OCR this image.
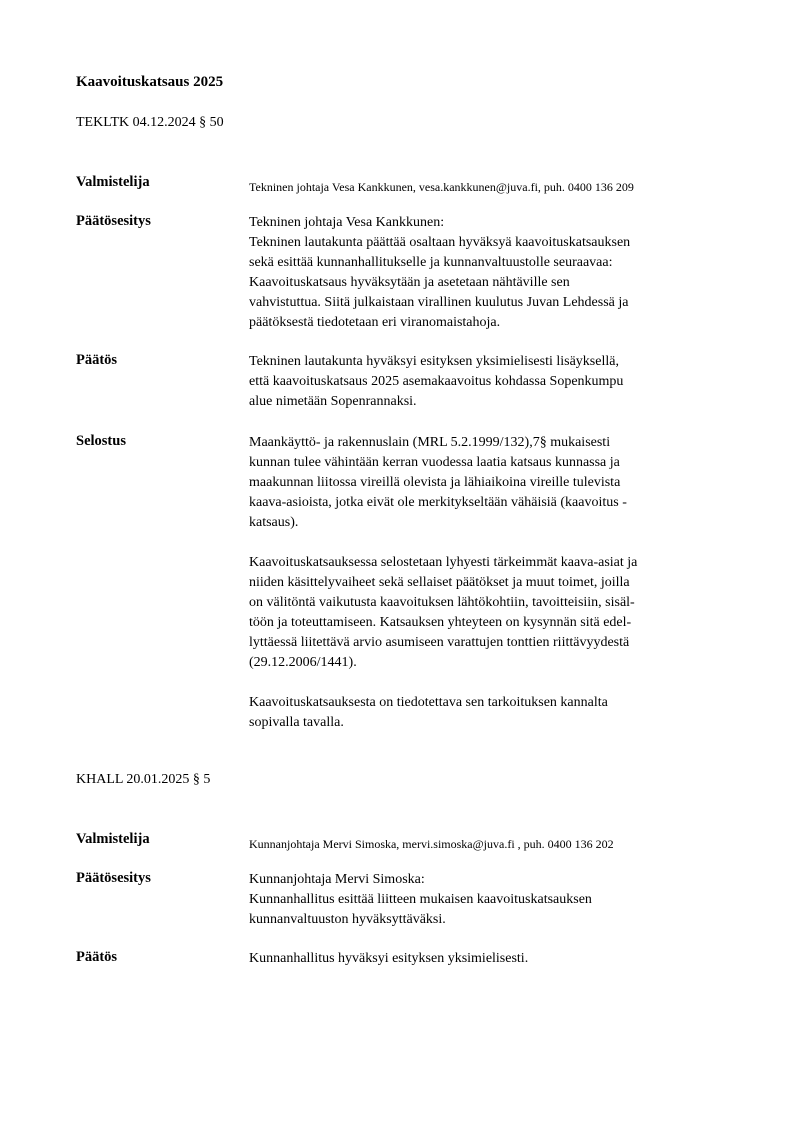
Kaavoituskatsaus 2025

TEKLTK 04.12.2024 § 50

Valmistelija	Tekninen johtaja Vesa Kankkunen, vesa.kankkunen@juva.fi, puh. 0400 136 209
Päätösesitys	Tekninen johtaja Vesa Kankkunen:
Tekninen lautakunta päättää osaltaan hyväksyä kaavoituskatsauksen
sekä esittää kunnanhallitukselle ja kunnanvaltuustolle seuraavaa:
Kaavoituskatsaus hyväksytään ja asetetaan nähtäville sen
vahvistuttua. Siitä julkaistaan virallinen kuulutus Juvan Lehdessä ja
päätöksestä tiedotetaan eri viranomaistahoja.
Päätös	Tekninen lautakunta hyväksyi esityksen yksimielisesti lisäyksellä,
että kaavoituskatsaus 2025 asemakaavoitus kohdassa Sopenkumpu
alue nimetään Sopenrannaksi.
Selostus	Maankäyttö- ja rakennuslain (MRL 5.2.1999/132),7§ mukaisesti
kunnan tulee vähintään kerran vuodessa laatia katsaus kunnassa ja
maakunnan liitossa vireillä olevista ja lähiaikoina vireille tulevista
kaava-asioista, jotka eivät ole merkitykseltään vähäisiä (kaavoitus -
katsaus).
Kaavoituskatsauksessa selostetaan lyhyesti tärkeimmät kaava-asiat ja
niiden käsittelyvaiheet sekä sellaiset päätökset ja muut toimet, joilla
on välitöntä vaikutusta kaavoituksen lähtökohtiin, tavoitteisiin, sisäl-
töön ja toteuttamiseen. Katsauksen yhteyteen on kysynnän sitä edel-
lyttäessä liitettävä arvio asumiseen varattujen tonttien riittävyydestä
(29.12.2006/1441).
Kaavoituskatsauksesta on tiedotettava sen tarkoituksen kannalta
sopivalla tavalla.

KHALL 20.01.2025 § 5

Valmistelija	Kunnanjohtaja Mervi Simoska, mervi.simoska@juva.fi , puh. 0400 136 202
Päätösesitys	Kunnanjohtaja Mervi Simoska:
Kunnanhallitus esittää liitteen mukaisen kaavoituskatsauksen
kunnanvaltuuston hyväksyttäväksi.
Päätös	Kunnanhallitus hyväksyi esityksen yksimielisesti.
